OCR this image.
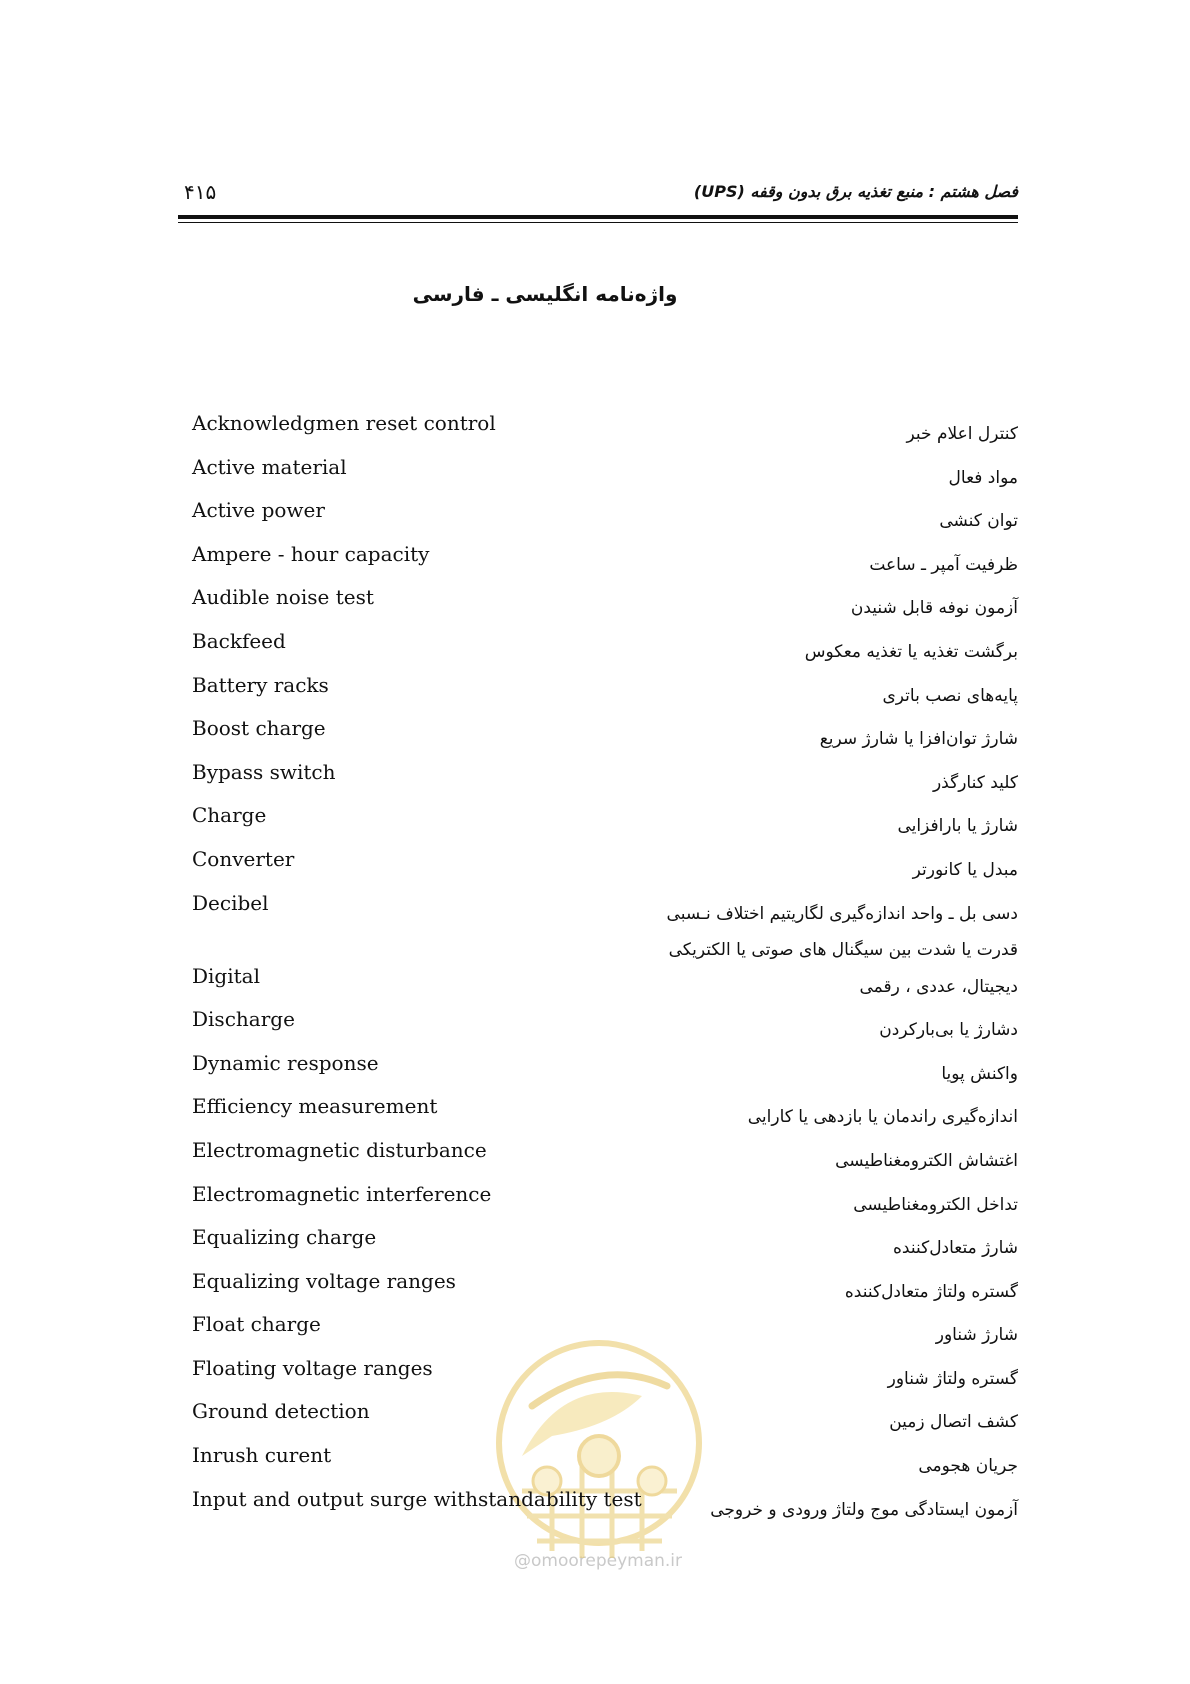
۴۱۵	فصل هشتم : منبع تغذیه برق بدون وقفه (UPS)
واژه‌نامه انگلیسی ـ فارسی
Acknowledgmen reset control	کنترل اعلام خبر
Active material	مواد فعال
Active power	توان کنشی
Ampere - hour capacity	ظرفیت آمپر ـ ساعت
Audible noise test	آزمون نوفه قابل شنیدن
Backfeed	برگشت تغذیه یا تغذیه معکوس
Battery racks	پایه‌های نصب باتری
Boost charge	شارژ توان‌افزا یا شارژ سریع
Bypass switch	کلید کنارگذر
Charge	شارژ یا بارافزایی
Converter	مبدل یا کانورتر
Decibel	دسی بل ـ واحد اندازه‌گیری لگاریتیم اختلاف نـسبی
قدرت یا شدت بین سیگنال های صوتی یا الکتریکی
Digital	دیجیتال، عددی ، رقمی
Discharge	دشارژ یا بی‌بارکردن
Dynamic response	واکنش پویا
Efficiency measurement	اندازه‌گیری راندمان یا بازدهی یا کارایی
Electromagnetic disturbance	اغتشاش الکترومغناطیسی
Electromagnetic interference	تداخل الکترومغناطیسی
Equalizing charge	شارژ متعادل‌کننده
Equalizing voltage ranges	گستره ولتاژ متعادل‌کننده
Float charge	شارژ شناور
Floating voltage ranges	گستره ولتاژ شناور
Ground detection	کشف اتصال زمین
Inrush curent	جریان هجومی
Input and output surge withstandability test	آزمون ایستادگی موج ولتاژ ورودی و خروجی
@omoorepeyman.ir
